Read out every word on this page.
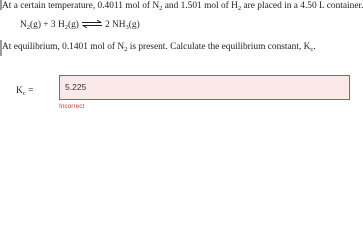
At a certain temperature, 0.4011 mol of $N_2$ and 1.501 mol of $H_2$ are placed in a 4.50 L container.
$N_2(g) + 3$ $H_2(g)$ ⇌ 2 $NH_3(g)$
At equilibrium, 0.1401 mol of $N_2$ is present. Calculate the equilibrium constant, $K_c$.
$K_c$ =	5.225
Incorrect
